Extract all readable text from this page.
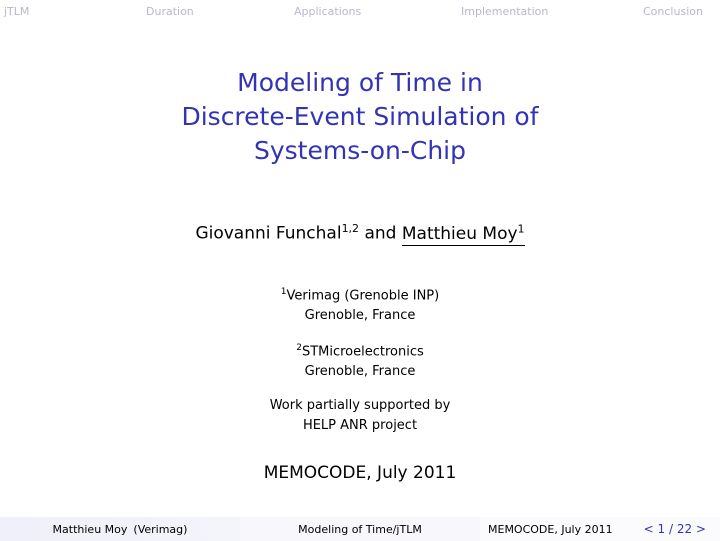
jTLM	Duration	Applications	Implementation	Conclusion
Modeling of Time in
Discrete-Event Simulation of
Systems-on-Chip
Giovanni Funchal$^{1,2}$ and Matthieu Moy$^1$
$^1$Verimag (Grenoble INP)
Grenoble, France
$^2$STMicroelectronics
Grenoble, France
Work partially supported by
HELP ANR project
MEMOCODE, July 2011
Matthieu Moy (Verimag)	Modeling of Time/jTLM	MEMOCODE, July 2011	< 1 / 22 >
